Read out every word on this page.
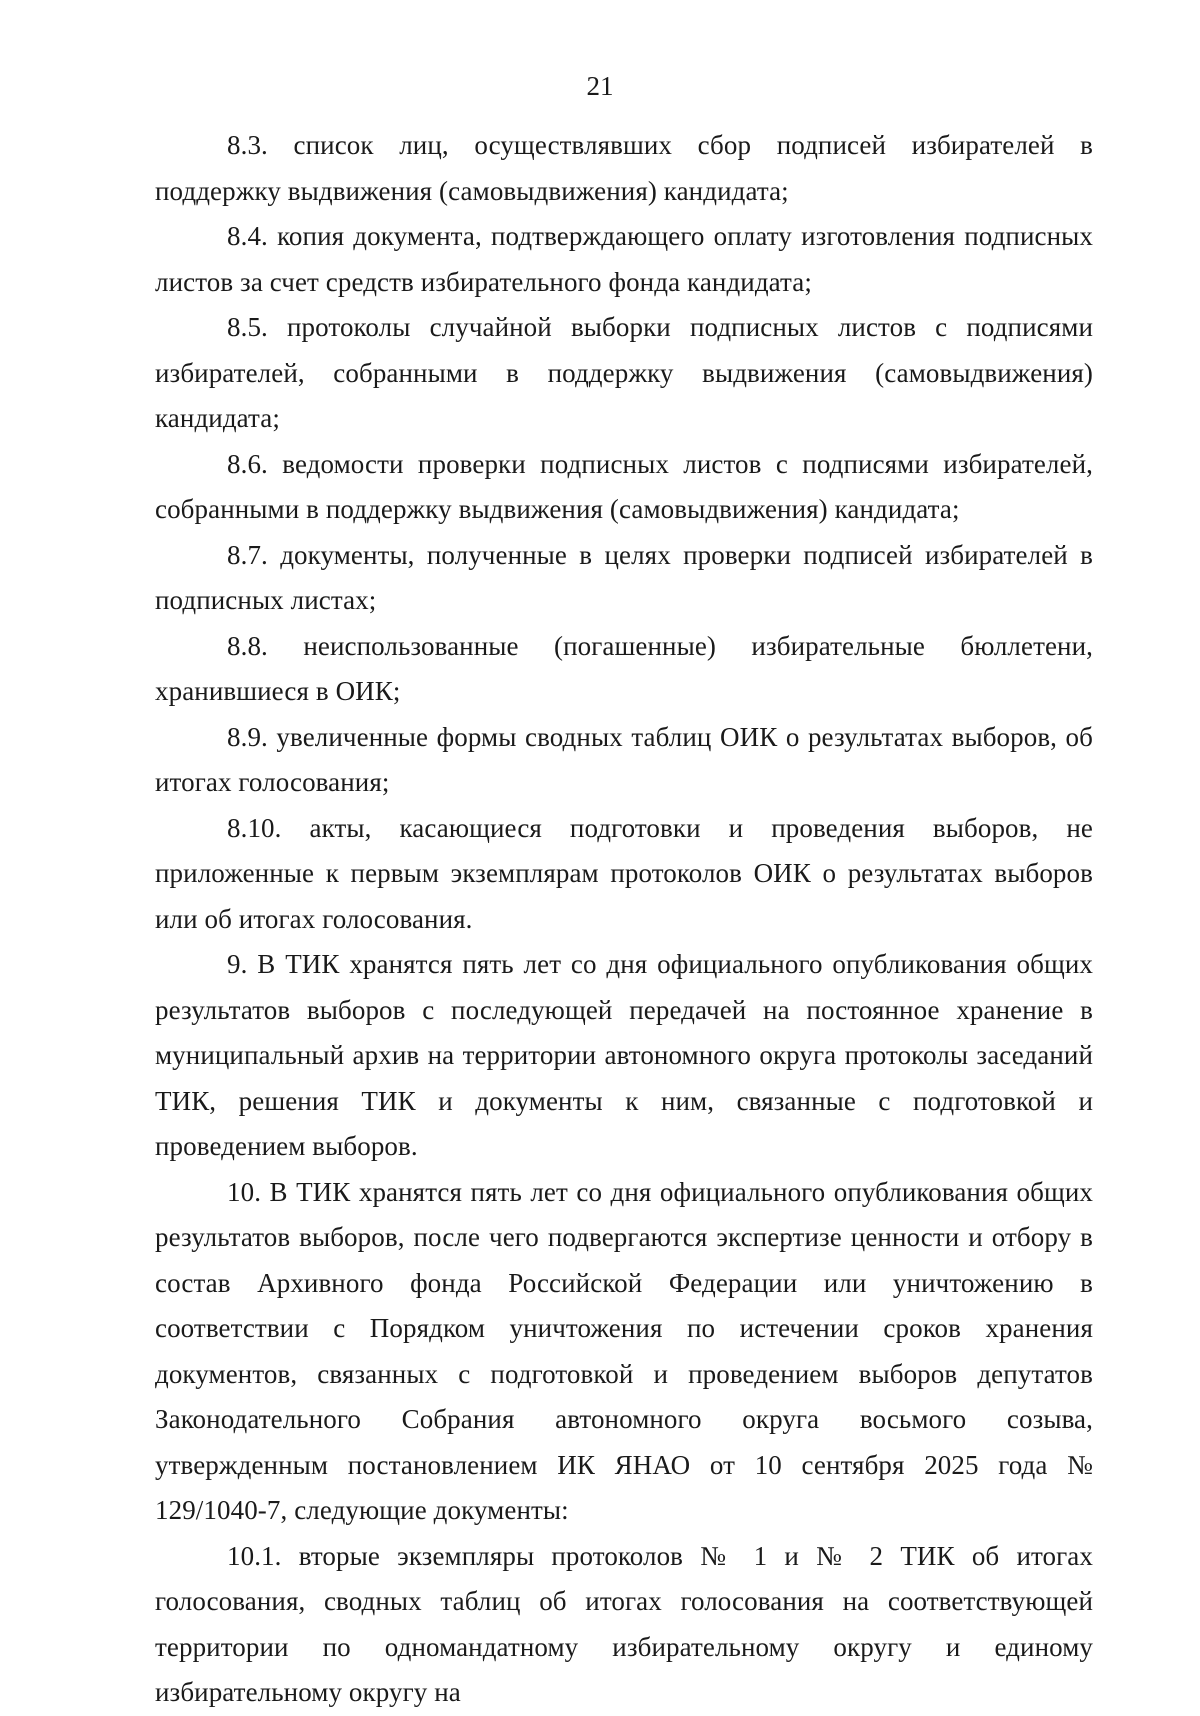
21

8.3. список лиц, осуществлявших сбор подписей избирателей в поддержку выдвижения (самовыдвижения) кандидата;

8.4. копия документа, подтверждающего оплату изготовления подписных листов за счет средств избирательного фонда кандидата;

8.5. протоколы случайной выборки подписных листов с подписями избирателей, собранными в поддержку выдвижения (самовыдвижения) кандидата;

8.6. ведомости проверки подписных листов с подписями избирателей, собранными в поддержку выдвижения (самовыдвижения) кандидата;

8.7. документы, полученные в целях проверки подписей избирателей в подписных листах;

8.8. неиспользованные (погашенные) избирательные бюллетени, хранившиеся в ОИК;

8.9. увеличенные формы сводных таблиц ОИК о результатах выборов, об итогах голосования;

8.10. акты, касающиеся подготовки и проведения выборов, не приложенные к первым экземплярам протоколов ОИК о результатах выборов или об итогах голосования.

9. В ТИК хранятся пять лет со дня официального опубликования общих результатов выборов с последующей передачей на постоянное хранение в муниципальный архив на территории автономного округа протоколы заседаний ТИК, решения ТИК и документы к ним, связанные с подготовкой и проведением выборов.

10. В ТИК хранятся пять лет со дня официального опубликования общих результатов выборов, после чего подвергаются экспертизе ценности и отбору в состав Архивного фонда Российской Федерации или уничтожению в соответствии с Порядком уничтожения по истечении сроков хранения документов, связанных с подготовкой и проведением выборов депутатов Законодательного Собрания автономного округа восьмого созыва, утвержденным постановлением ИК ЯНАО от 10 сентября 2025 года № 129/1040-7, следующие документы:

10.1. вторые экземпляры протоколов № 1 и № 2 ТИК об итогах голосования, сводных таблиц об итогах голосования на соответствующей территории по одномандатному избирательному округу и единому избирательному округу на
